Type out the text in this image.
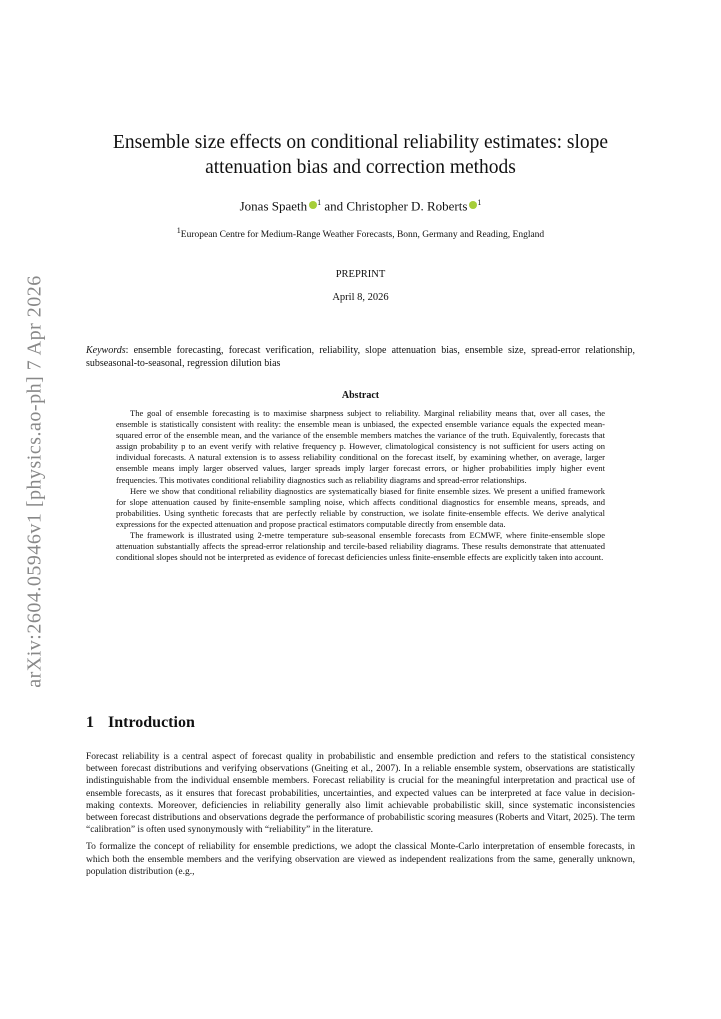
arXiv:2604.05946v1 [physics.ao-ph] 7 Apr 2026
Ensemble size effects on conditional reliability estimates: slope attenuation bias and correction methods
Jonas Spaeth $^1$ and Christopher D. Roberts $^1$
$^1$European Centre for Medium-Range Weather Forecasts, Bonn, Germany and Reading, England
PREPRINT
April 8, 2026
Keywords: ensemble forecasting, forecast verification, reliability, slope attenuation bias, ensemble size, spread-error relationship, subseasonal-to-seasonal, regression dilution bias
Abstract

The goal of ensemble forecasting is to maximise sharpness subject to reliability. Marginal reliability means that, over all cases, the ensemble is statistically consistent with reality: the ensemble mean is unbiased, the expected ensemble variance equals the expected mean-squared error of the ensemble mean, and the variance of the ensemble members matches the variance of the truth. Equivalently, forecasts that assign probability p to an event verify with relative frequency p. However, climatological consistency is not sufficient for users acting on individual forecasts. A natural extension is to assess reliability conditional on the forecast itself, by examining whether, on average, larger ensemble means imply larger observed values, larger spreads imply larger forecast errors, or higher probabilities imply higher event frequencies. This motivates conditional reliability diagnostics such as reliability diagrams and spread-error relationships.

Here we show that conditional reliability diagnostics are systematically biased for finite ensemble sizes. We present a unified framework for slope attenuation caused by finite-ensemble sampling noise, which affects conditional diagnostics for ensemble means, spreads, and probabilities. Using synthetic forecasts that are perfectly reliable by construction, we isolate finite-ensemble effects. We derive analytical expressions for the expected attenuation and propose practical estimators computable directly from ensemble data.

The framework is illustrated using 2-metre temperature sub-seasonal ensemble forecasts from ECMWF, where finite-ensemble slope attenuation substantially affects the spread-error relationship and tercile-based reliability diagrams. These results demonstrate that attenuated conditional slopes should not be interpreted as evidence of forecast deficiencies unless finite-ensemble effects are explicitly taken into account.

1 Introduction

Forecast reliability is a central aspect of forecast quality in probabilistic and ensemble prediction and refers to the statistical consistency between forecast distributions and verifying observations (Gneiting et al., 2007). In a reliable ensemble system, observations are statistically indistinguishable from the individual ensemble members. Forecast reliability is crucial for the meaningful interpretation and practical use of ensemble forecasts, as it ensures that forecast probabilities, uncertainties, and expected values can be interpreted at face value in decision-making contexts. Moreover, deficiencies in reliability generally also limit achievable probabilistic skill, since systematic inconsistencies between forecast distributions and observations degrade the performance of probabilistic scoring measures (Roberts and Vitart, 2025). The term “calibration” is often used synonymously with “reliability” in the literature.

To formalize the concept of reliability for ensemble predictions, we adopt the classical Monte-Carlo interpretation of ensemble forecasts, in which both the ensemble members and the verifying observation are viewed as independent realizations from the same, generally unknown, population distribution (e.g.,
